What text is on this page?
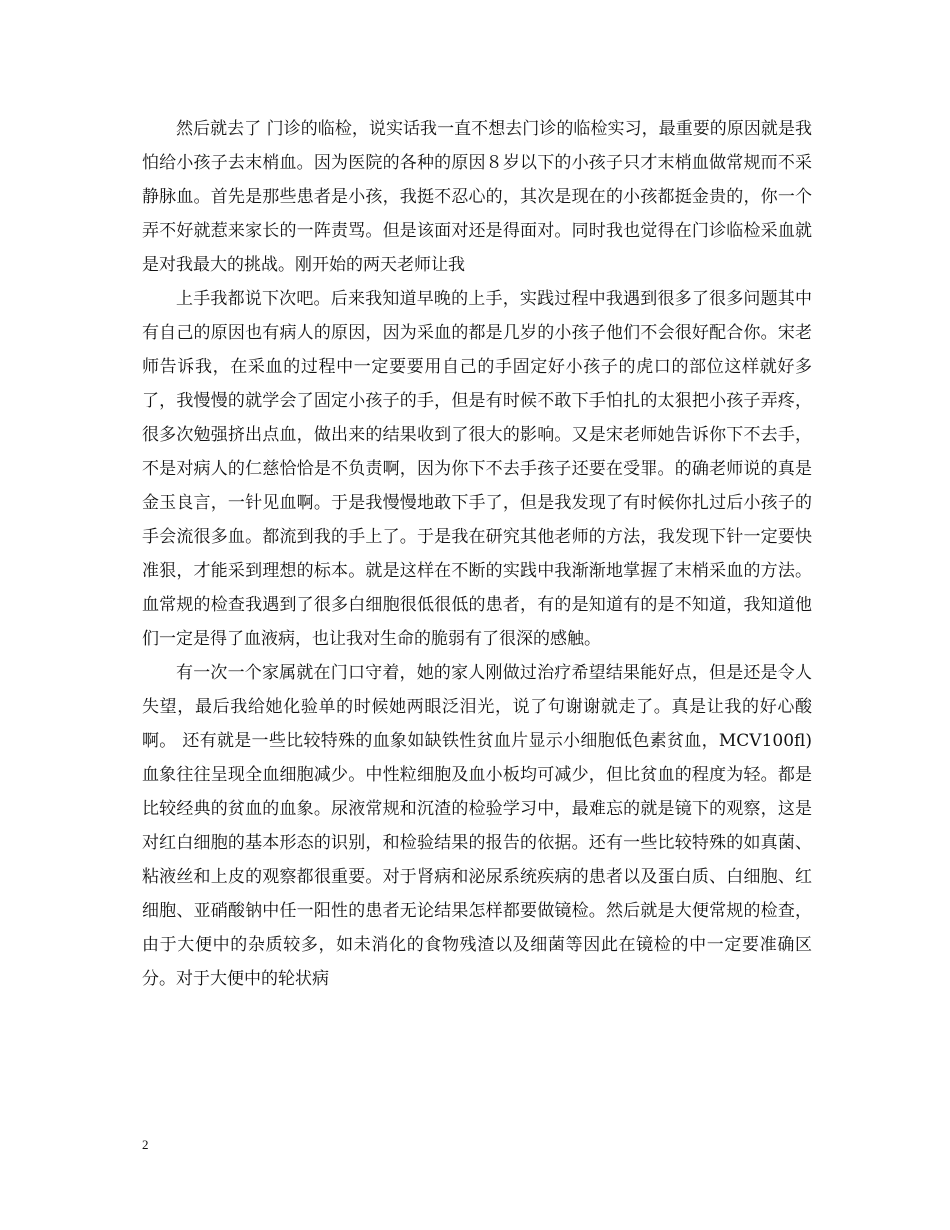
然后就去了 门诊的临检，说实话我一直不想去门诊的临检实习，最重要的原因就是我怕给小孩子去末梢血。因为医院的各种的原因８岁以下的小孩子只才末梢血做常规而不采静脉血。首先是那些患者是小孩，我挺不忍心的，其次是现在的小孩都挺金贵的，你一个弄不好就惹来家长的一阵责骂。但是该面对还是得面对。同时我也觉得在门诊临检采血就是对我最大的挑战。刚开始的两天老师让我

上手我都说下次吧。后来我知道早晚的上手，实践过程中我遇到很多了很多问题其中有自己的原因也有病人的原因，因为采血的都是几岁的小孩子他们不会很好配合你。宋老师告诉我，在采血的过程中一定要要用自己的手固定好小孩子的虎口的部位这样就好多了，我慢慢的就学会了固定小孩子的手，但是有时候不敢下手怕扎的太狠把小孩子弄疼，很多次勉强挤出点血，做出来的结果收到了很大的影响。又是宋老师她告诉你下不去手，不是对病人的仁慈恰恰是不负责啊，因为你下不去手孩子还要在受罪。的确老师说的真是金玉良言，一针见血啊。于是我慢慢地敢下手了，但是我发现了有时候你扎过后小孩子的手会流很多血。都流到我的手上了。于是我在研究其他老师的方法，我发现下针一定要快准狠，才能采到理想的标本。就是这样在不断的实践中我渐渐地掌握了末梢采血的方法。血常规的检查我遇到了很多白细胞很低很低的患者，有的是知道有的是不知道，我知道他们一定是得了血液病，也让我对生命的脆弱有了很深的感触。

有一次一个家属就在门口守着，她的家人刚做过治疗希望结果能好点，但是还是令人失望，最后我给她化验单的时候她两眼泛泪光，说了句谢谢就走了。真是让我的好心酸啊。 还有就是一些比较特殊的血象如缺铁性贫血片显示小细胞低色素贫血，MCV100fl)血象往往呈现全血细胞减少。中性粒细胞及血小板均可减少，但比贫血的程度为轻。都是比较经典的贫血的血象。尿液常规和沉渣的检验学习中，最难忘的就是镜下的观察，这是对红白细胞的基本形态的识别，和检验结果的报告的依据。还有一些比较特殊的如真菌、粘液丝和上皮的观察都很重要。对于肾病和泌尿系统疾病的患者以及蛋白质、白细胞、红细胞、亚硝酸钠中任一阳性的患者无论结果怎样都要做镜检。然后就是大便常规的检查，由于大便中的杂质较多，如未消化的食物残渣以及细菌等因此在镜检的中一定要准确区分。对于大便中的轮状病

2
